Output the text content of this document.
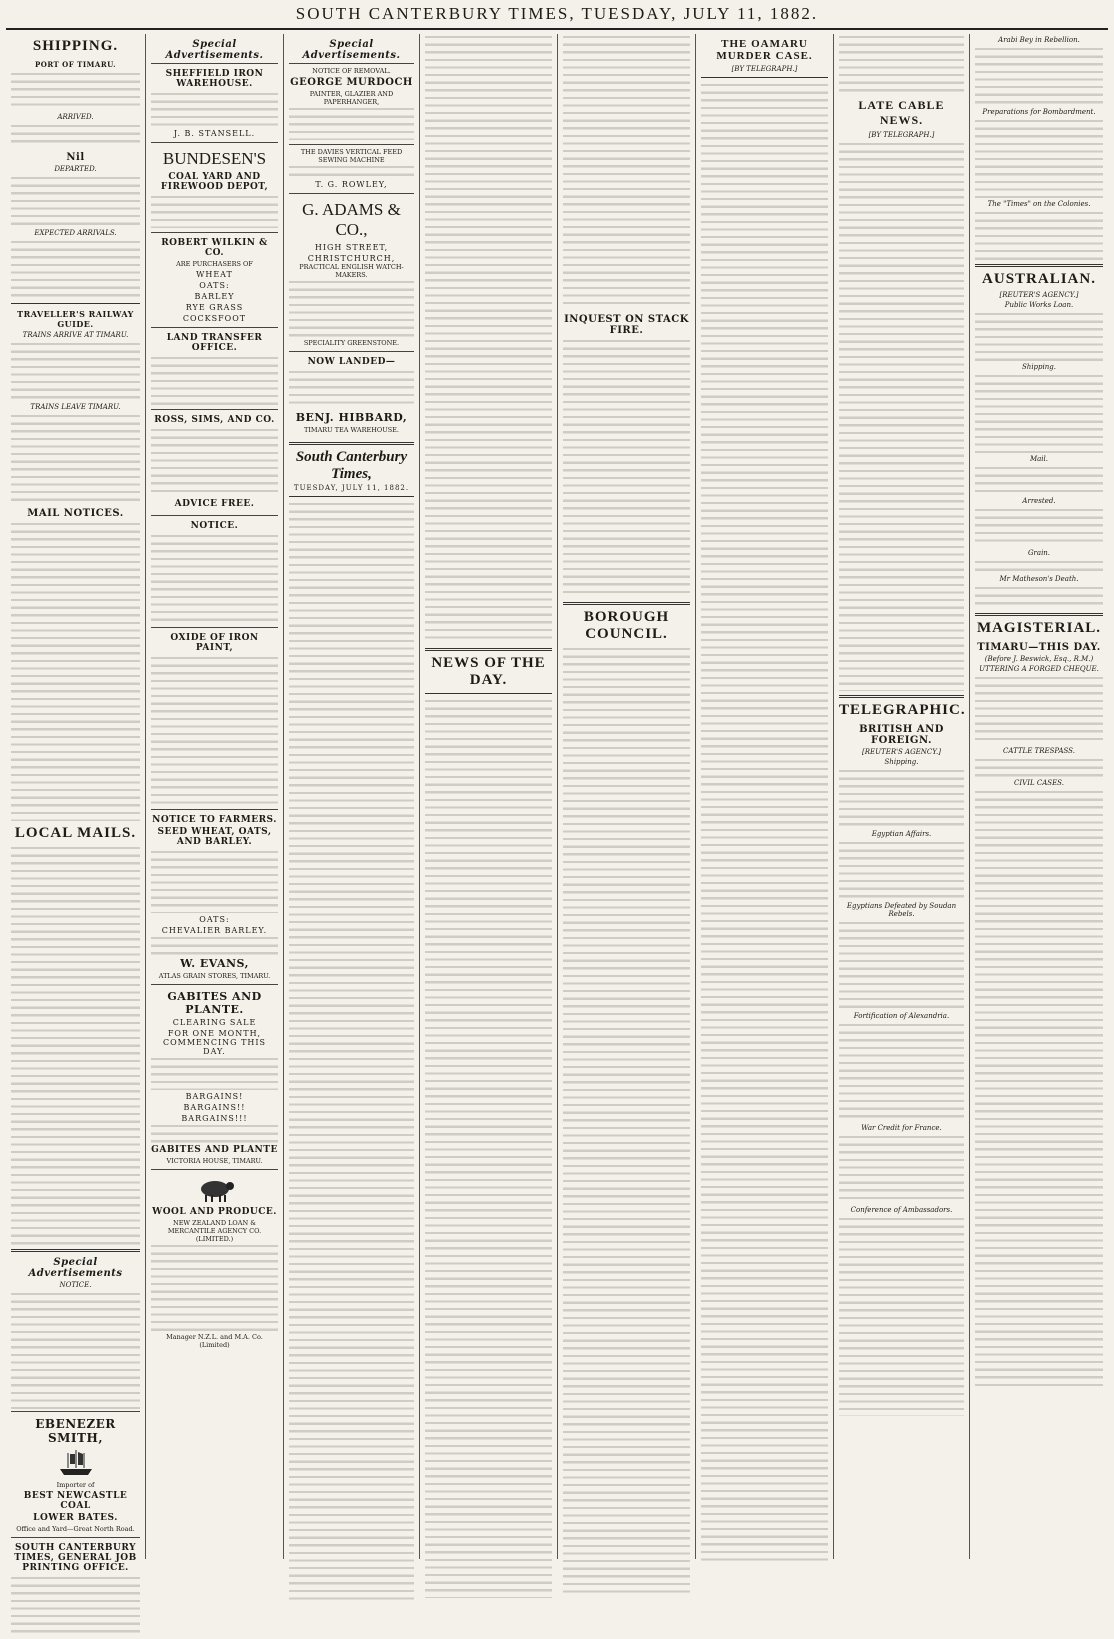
SOUTH CANTERBURY TIMES, TUESDAY, JULY 11, 1882.
SHIPPING.
PORT OF TIMARU.
ARRIVED.
Nil
DEPARTED.
EXPECTED ARRIVALS.
TRAVELLER'S RAILWAY GUIDE.
TRAINS ARRIVE AT TIMARU.
TRAINS LEAVE TIMARU.
MAIL NOTICES.
LOCAL MAILS.
Special Advertisements
NOTICE.
EBENEZER SMITH,
Importer of
BEST NEWCASTLE COAL
LOWER BATES.
Office and Yard—Great North Road.
SOUTH CANTERBURY TIMES, GENERAL JOB PRINTING OFFICE.
Special Advertisements.
SHEFFIELD IRON WAREHOUSE.
J. B. STANSELL.
BUNDESEN'S
COAL YARD AND FIREWOOD DEPOT,
ROBERT WILKIN & CO.
ARE PURCHASERS OF
WHEAT
OATS:
BARLEY
RYE GRASS
COCKSFOOT
LAND TRANSFER OFFICE.
ROSS, SIMS, AND CO.
ADVICE FREE.
NOTICE.
OXIDE OF IRON PAINT,
NOTICE TO FARMERS.
SEED WHEAT, OATS, AND BARLEY.
OATS:
CHEVALIER BARLEY.
W. EVANS,
ATLAS GRAIN STORES, TIMARU.
GABITES AND PLANTE.
CLEARING SALE
FOR ONE MONTH, COMMENCING THIS DAY.
BARGAINS!
BARGAINS!!
BARGAINS!!!
GABITES AND PLANTE
VICTORIA HOUSE, TIMARU.
WOOL AND PRODUCE.
NEW ZEALAND LOAN & MERCANTILE AGENCY CO. (LIMITED.)
Manager N.Z.L. and M.A. Co. (Limited)
Special Advertisements.
NOTICE OF REMOVAL.
GEORGE MURDOCH
PAINTER, GLAZIER AND PAPERHANGER,
THE DAVIES VERTICAL FEED SEWING MACHINE
T. G. ROWLEY,
G. ADAMS & CO.,
HIGH STREET,
CHRISTCHURCH,
PRACTICAL ENGLISH WATCH-MAKERS.
SPECIALITY GREENSTONE.
NOW LANDED—
BENJ. HIBBARD,
TIMARU TEA WAREHOUSE.
South Canterbury Times,
TUESDAY, JULY 11, 1882.
NEWS OF THE DAY.
INQUEST ON STACK FIRE.
BOROUGH COUNCIL.
THE OAMARU MURDER CASE.
[BY TELEGRAPH.]
LATE CABLE NEWS.
[BY TELEGRAPH.]
TELEGRAPHIC.
BRITISH AND FOREIGN.
[REUTER'S AGENCY.]
Shipping.
Egyptian Affairs.
Egyptians Defeated by Soudan Rebels.
Fortification of Alexandria.
War Credit for France.
Conference of Ambassadors.
Arabi Bey in Rebellion.
Preparations for Bombardment.
The "Times" on the Colonies.
AUSTRALIAN.
[REUTER'S AGENCY.]
Public Works Loan.
Shipping.
Mail.
Arrested.
Grain.
Mr Matheson's Death.
MAGISTERIAL.
TIMARU—THIS DAY.
(Before J. Beswick, Esq., R.M.)
UTTERING A FORGED CHEQUE.
CATTLE TRESPASS.
CIVIL CASES.
